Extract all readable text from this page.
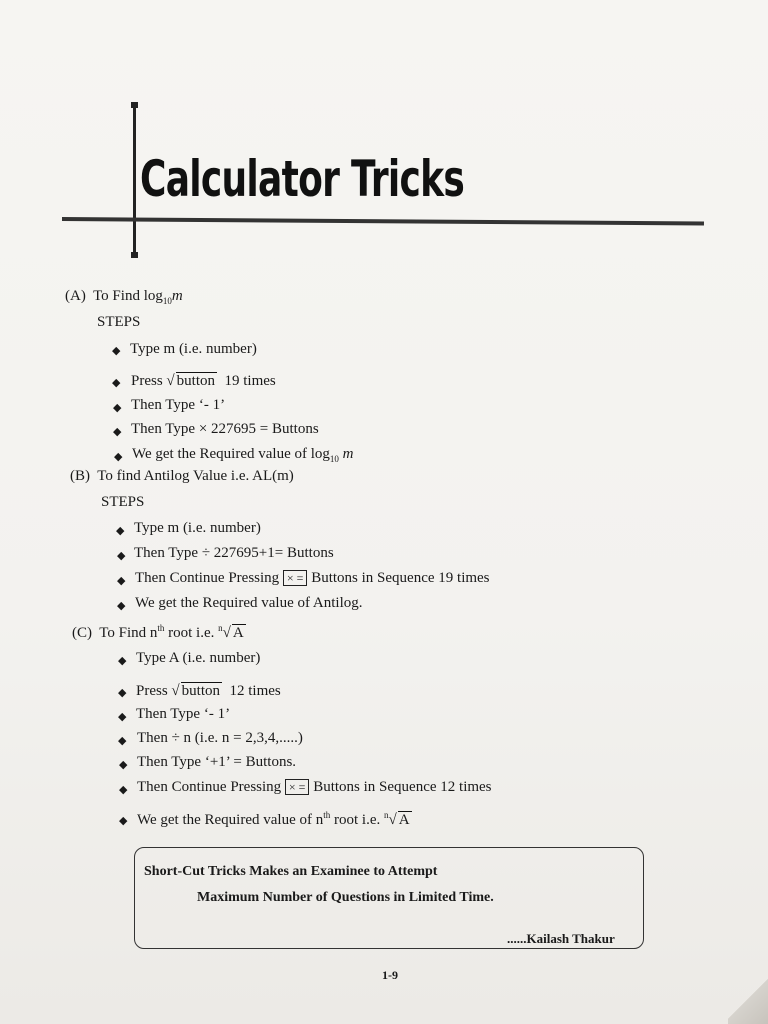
Calculator Tricks
(A) To Find $\log_{10}m$
STEPS
◆ Type m (i.e. number)
◆ Press √ button 19 times
◆ Then Type ‘- 1’
◆ Then Type × 227695 = Buttons
◆ We get the Required value of $\log_{10} m$
(B) To find Antilog Value i.e. AL(m)
STEPS
◆ Type m (i.e. number)
◆ Then Type ÷ 227695+1= Buttons
◆ Then Continue Pressing × = Buttons in Sequence 19 times
◆ We get the Required value of Antilog.
(C) To Find $n^{th}$ root i.e. $^n$√ A
◆ Type A (i.e. number)
◆ Press √ button 12 times
◆ Then Type ‘- 1’
◆ Then ÷ n (i.e. n = 2,3,4,.....)
◆ Then Type ‘+1’ = Buttons.
◆ Then Continue Pressing × = Buttons in Sequence 12 times
◆ We get the Required value of $n^{th}$ root i.e. $^n$√ A
Short-Cut Tricks Makes an Examinee to Attempt
Maximum Number of Questions in Limited Time.
......Kailash Thakur
1-9
